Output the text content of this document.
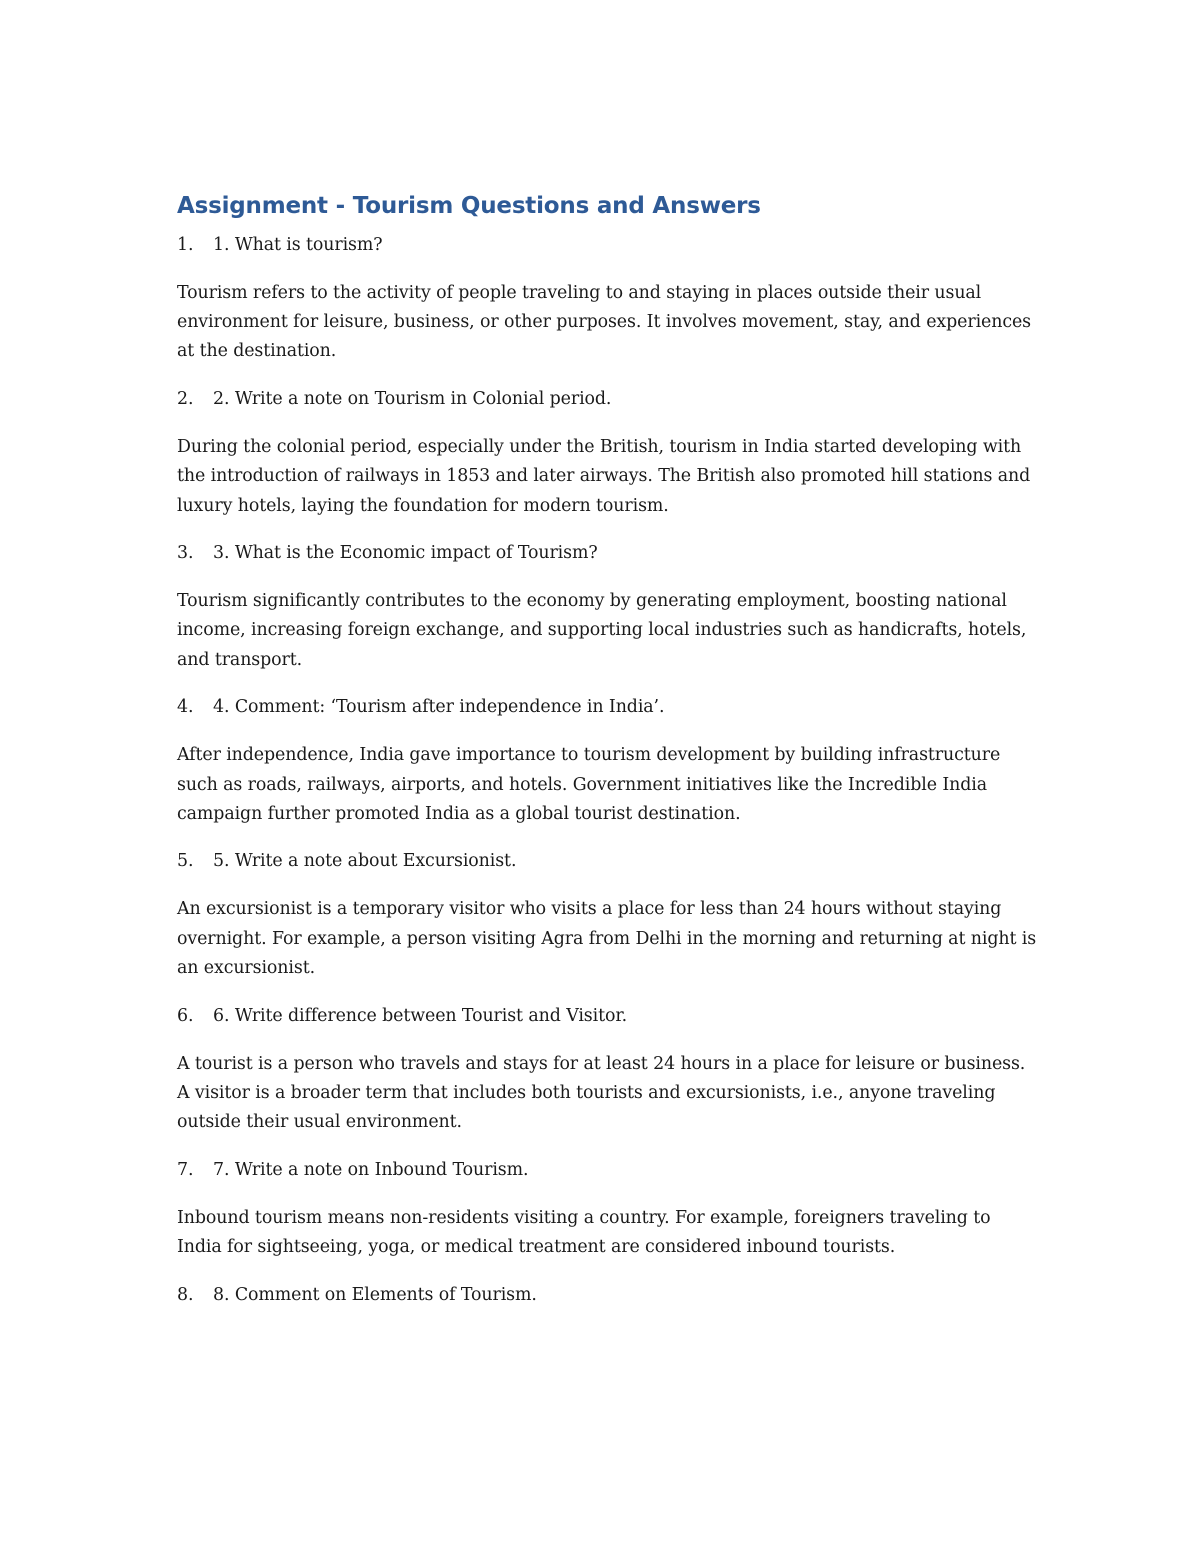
Assignment - Tourism Questions and Answers
1.	1. What is tourism?

Tourism refers to the activity of people traveling to and staying in places outside their usual environment for leisure, business, or other purposes. It involves movement, stay, and experiences at the destination.

2.	2. Write a note on Tourism in Colonial period.

During the colonial period, especially under the British, tourism in India started developing with the introduction of railways in 1853 and later airways. The British also promoted hill stations and luxury hotels, laying the foundation for modern tourism.

3.	3. What is the Economic impact of Tourism?

Tourism significantly contributes to the economy by generating employment, boosting national income, increasing foreign exchange, and supporting local industries such as handicrafts, hotels, and transport.

4.	4. Comment: ‘Tourism after independence in India’.

After independence, India gave importance to tourism development by building infrastructure such as roads, railways, airports, and hotels. Government initiatives like the Incredible India campaign further promoted India as a global tourist destination.

5.	5. Write a note about Excursionist.

An excursionist is a temporary visitor who visits a place for less than 24 hours without staying overnight. For example, a person visiting Agra from Delhi in the morning and returning at night is an excursionist.

6.	6. Write difference between Tourist and Visitor.

A tourist is a person who travels and stays for at least 24 hours in a place for leisure or business. A visitor is a broader term that includes both tourists and excursionists, i.e., anyone traveling outside their usual environment.

7.	7. Write a note on Inbound Tourism.

Inbound tourism means non-residents visiting a country. For example, foreigners traveling to India for sightseeing, yoga, or medical treatment are considered inbound tourists.

8.	8. Comment on Elements of Tourism.
